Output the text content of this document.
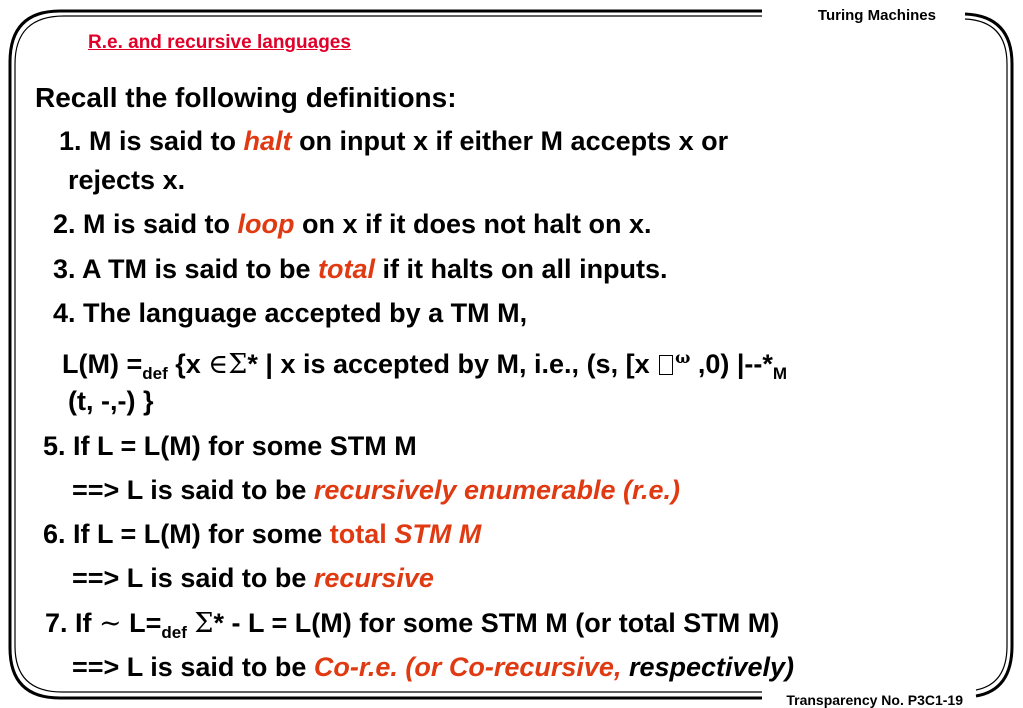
Turing Machines
R.e. and recursive languages
Recall the following definitions:
1. M is said to halt on input x if either M accepts x or
rejects x.
2. M is said to loop on x if it does not halt on x.
3. A TM is said to be total if it halts on all inputs.
4. The language accepted by a TM M,
$L(M) =_{def}$ {x ∈Σ* | x is accepted by M, i.e., (s, [x $^\omega$ ,0) $|--*_M$
(t, -,-) }
5. If L = L(M) for some STM M
==> L is said to be recursively enumerable (r.e.)
6. If L = L(M) for some total STM M
==> L is said to be recursive
7. If ~ $L=_{def}$ Σ* - L = L(M) for some STM M (or total STM M)
==> L is said to be Co-r.e. (or Co-recursive, respectively)
Transparency No. P3C1-19
